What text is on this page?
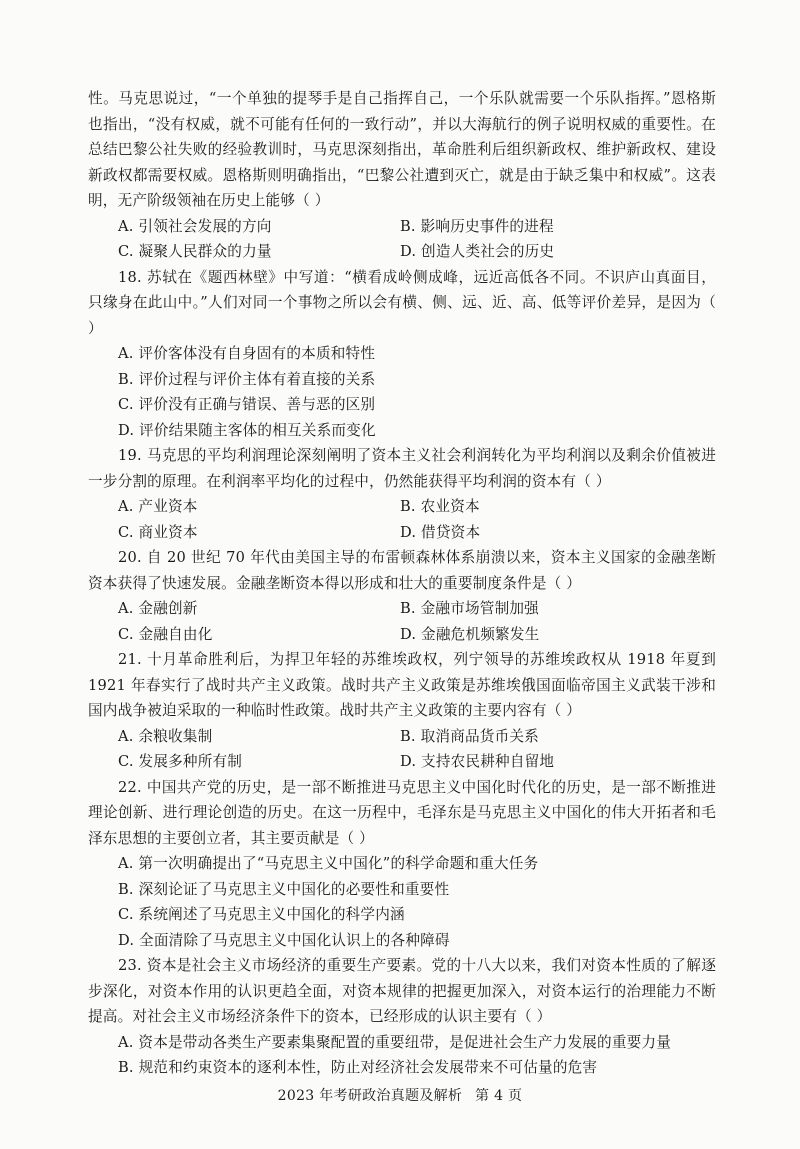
性。马克思说过，“一个单独的提琴手是自己指挥自己，一个乐队就需要一个乐队指挥。”恩格斯也指出，“没有权威，就不可能有任何的一致行动”，并以大海航行的例子说明权威的重要性。在总结巴黎公社失败的经验教训时，马克思深刻指出，革命胜利后组织新政权、维护新政权、建设新政权都需要权威。恩格斯则明确指出，“巴黎公社遭到灭亡，就是由于缺乏集中和权威”。这表明，无产阶级领袖在历史上能够（ ）

A. 引领社会发展的方向	B. 影响历史事件的进程
C. 凝聚人民群众的力量	D. 创造人类社会的历史

18. 苏轼在《题西林壁》中写道：“横看成岭侧成峰，远近高低各不同。不识庐山真面目，只缘身在此山中。”人们对同一个事物之所以会有横、侧、远、近、高、低等评价差异，是因为（ ）

A. 评价客体没有自身固有的本质和特性
B. 评价过程与评价主体有着直接的关系
C. 评价没有正确与错误、善与恶的区别
D. 评价结果随主客体的相互关系而变化

19. 马克思的平均利润理论深刻阐明了资本主义社会利润转化为平均利润以及剩余价值被进一步分割的原理。在利润率平均化的过程中，仍然能获得平均利润的资本有（ ）

A. 产业资本	B. 农业资本
C. 商业资本	D. 借贷资本

20. 自 20 世纪 70 年代由美国主导的布雷顿森林体系崩溃以来，资本主义国家的金融垄断资本获得了快速发展。金融垄断资本得以形成和壮大的重要制度条件是（ ）

A. 金融创新	B. 金融市场管制加强
C. 金融自由化	D. 金融危机频繁发生

21. 十月革命胜利后，为捍卫年轻的苏维埃政权，列宁领导的苏维埃政权从 1918 年夏到 1921 年春实行了战时共产主义政策。战时共产主义政策是苏维埃俄国面临帝国主义武装干涉和国内战争被迫采取的一种临时性政策。战时共产主义政策的主要内容有（ ）

A. 余粮收集制	B. 取消商品货币关系
C. 发展多种所有制	D. 支持农民耕种自留地

22. 中国共产党的历史，是一部不断推进马克思主义中国化时代化的历史，是一部不断推进理论创新、进行理论创造的历史。在这一历程中，毛泽东是马克思主义中国化的伟大开拓者和毛泽东思想的主要创立者，其主要贡献是（ ）

A. 第一次明确提出了“马克思主义中国化”的科学命题和重大任务
B. 深刻论证了马克思主义中国化的必要性和重要性
C. 系统阐述了马克思主义中国化的科学内涵
D. 全面清除了马克思主义中国化认识上的各种障碍

23. 资本是社会主义市场经济的重要生产要素。党的十八大以来，我们对资本性质的了解逐步深化，对资本作用的认识更趋全面，对资本规律的把握更加深入，对资本运行的治理能力不断提高。对社会主义市场经济条件下的资本，已经形成的认识主要有（ ）

A. 资本是带动各类生产要素集聚配置的重要纽带，是促进社会生产力发展的重要力量
B. 规范和约束资本的逐利本性，防止对经济社会发展带来不可估量的危害
2023 年考研政治真题及解析 第 4 页
